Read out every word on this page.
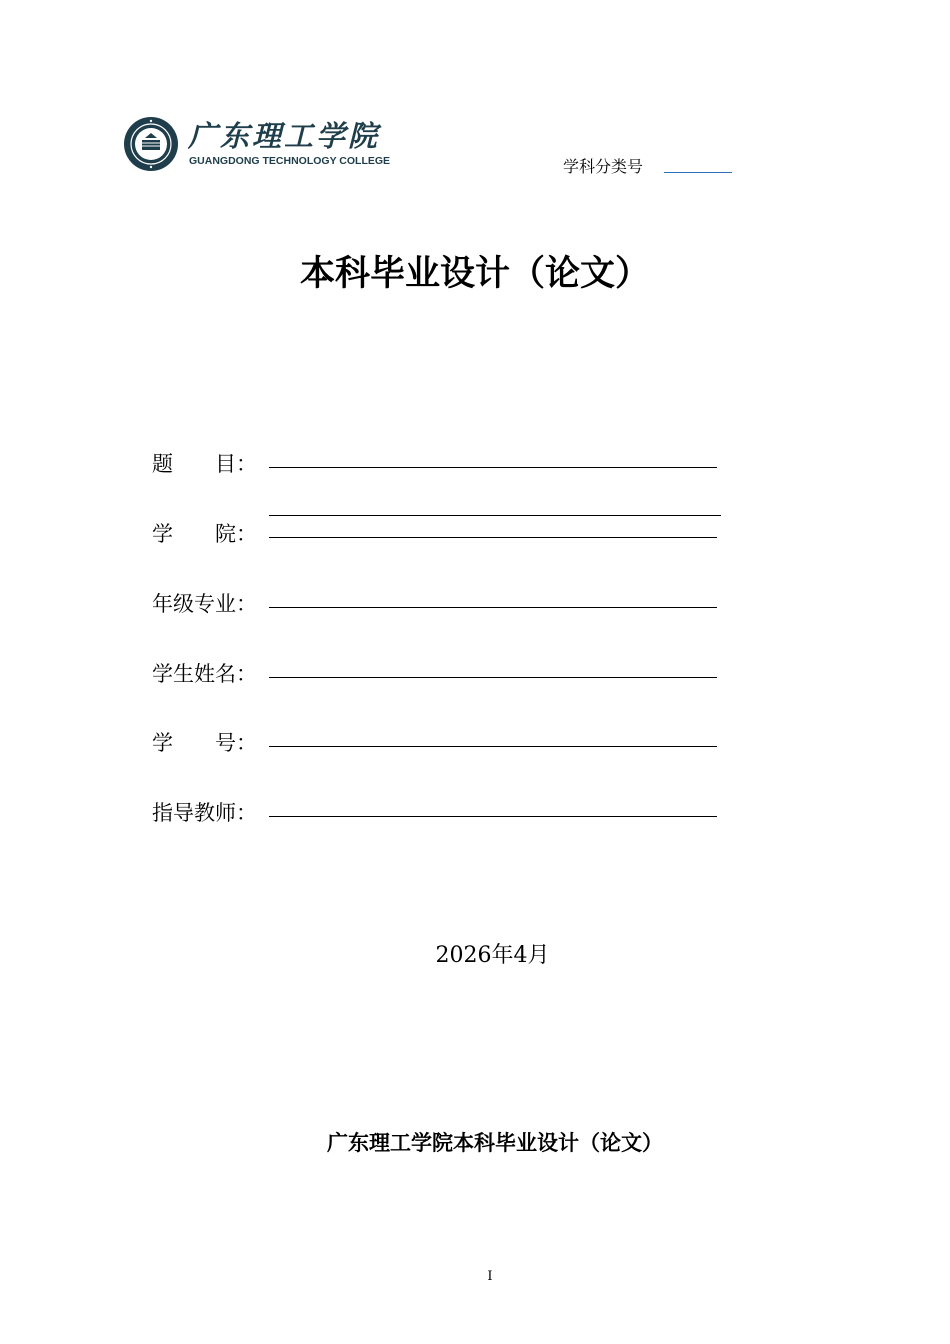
广东理工学院
GUANGDONG TECHNOLOGY COLLEGE	学科分类号
本科毕业设计（论文）
题　　目：
学　　院：
年级专业：
学生姓名：
学　　号：
指导教师：
2026年4月
广东理工学院本科毕业设计（论文）
I
